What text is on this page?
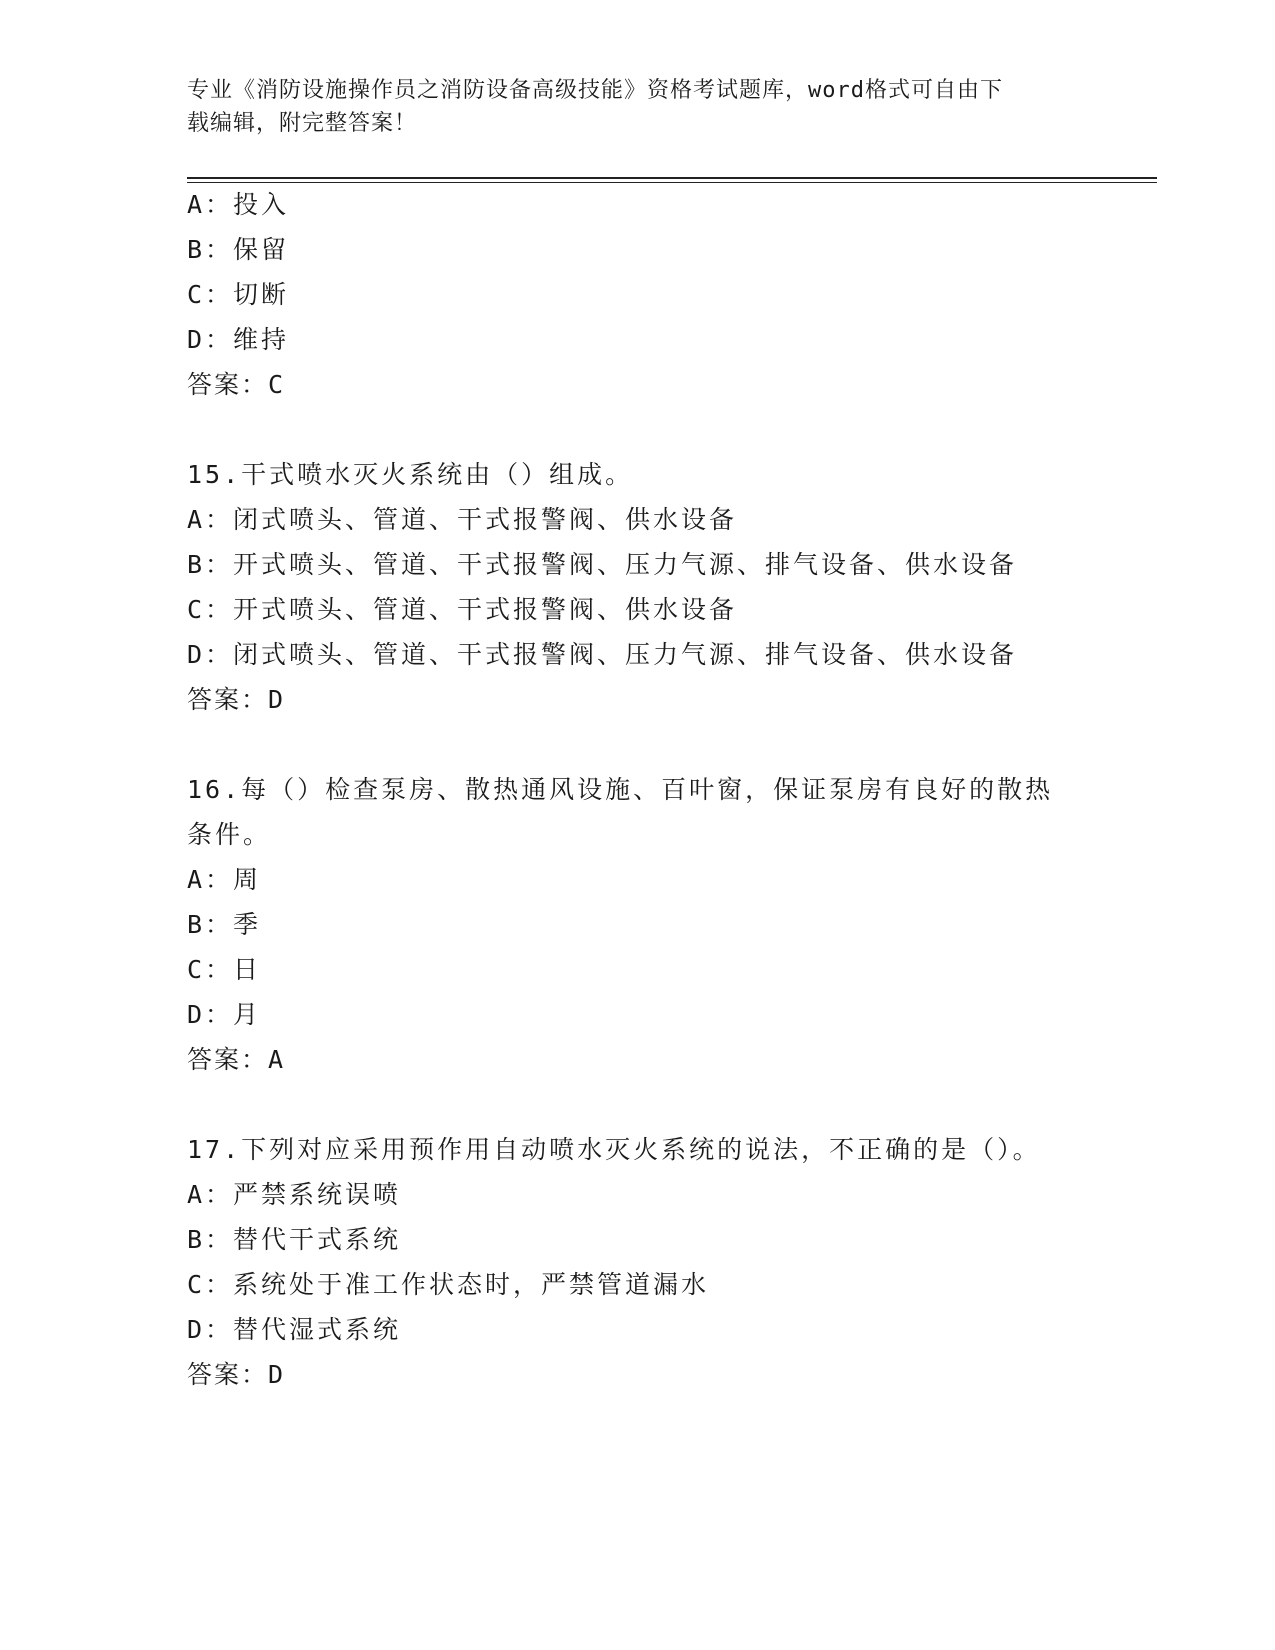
专业《消防设施操作员之消防设备高级技能》资格考试题库，word格式可自由下
载编辑，附完整答案！
A：投入
B：保留
C：切断
D：维持
答案：C
15.干式喷水灭火系统由（）组成。
A：闭式喷头、管道、干式报警阀、供水设备
B：开式喷头、管道、干式报警阀、压力气源、排气设备、供水设备
C：开式喷头、管道、干式报警阀、供水设备
D：闭式喷头、管道、干式报警阀、压力气源、排气设备、供水设备
答案：D
16.每（）检查泵房、散热通风设施、百叶窗，保证泵房有良好的散热
条件。
A：周
B：季
C：日
D：月
答案：A
17.下列对应采用预作用自动喷水灭火系统的说法，不正确的是（）。
A：严禁系统误喷
B：替代干式系统
C：系统处于准工作状态时，严禁管道漏水
D：替代湿式系统
答案：D
